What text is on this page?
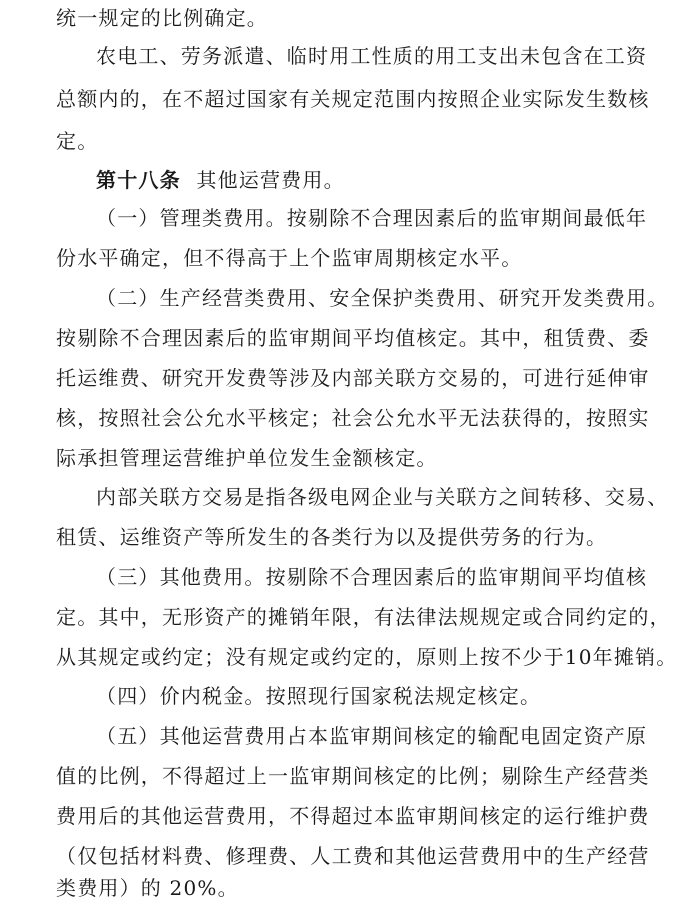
统一规定的比例确定。

农电工、劳务派遣、临时用工性质的用工支出未包含在工资

总额内的，在不超过国家有关规定范围内按照企业实际发生数核

定。

第十八条 其他运营费用。

（一）管理类费用。按剔除不合理因素后的监审期间最低年

份水平确定，但不得高于上个监审周期核定水平。

（二）生产经营类费用、安全保护类费用、研究开发类费用。

按剔除不合理因素后的监审期间平均值核定。其中，租赁费、委

托运维费、研究开发费等涉及内部关联方交易的，可进行延伸审

核，按照社会公允水平核定；社会公允水平无法获得的，按照实

际承担管理运营维护单位发生金额核定。

内部关联方交易是指各级电网企业与关联方之间转移、交易、

租赁、运维资产等所发生的各类行为以及提供劳务的行为。

（三）其他费用。按剔除不合理因素后的监审期间平均值核

定。其中，无形资产的摊销年限，有法律法规规定或合同约定的，

从其规定或约定；没有规定或约定的，原则上按不少于10年摊销。

（四）价内税金。按照现行国家税法规定核定。

（五）其他运营费用占本监审期间核定的输配电固定资产原

值的比例，不得超过上一监审期间核定的比例；剔除生产经营类

费用后的其他运营费用，不得超过本监审期间核定的运行维护费

（仅包括材料费、修理费、人工费和其他运营费用中的生产经营

类费用）的 20%。
